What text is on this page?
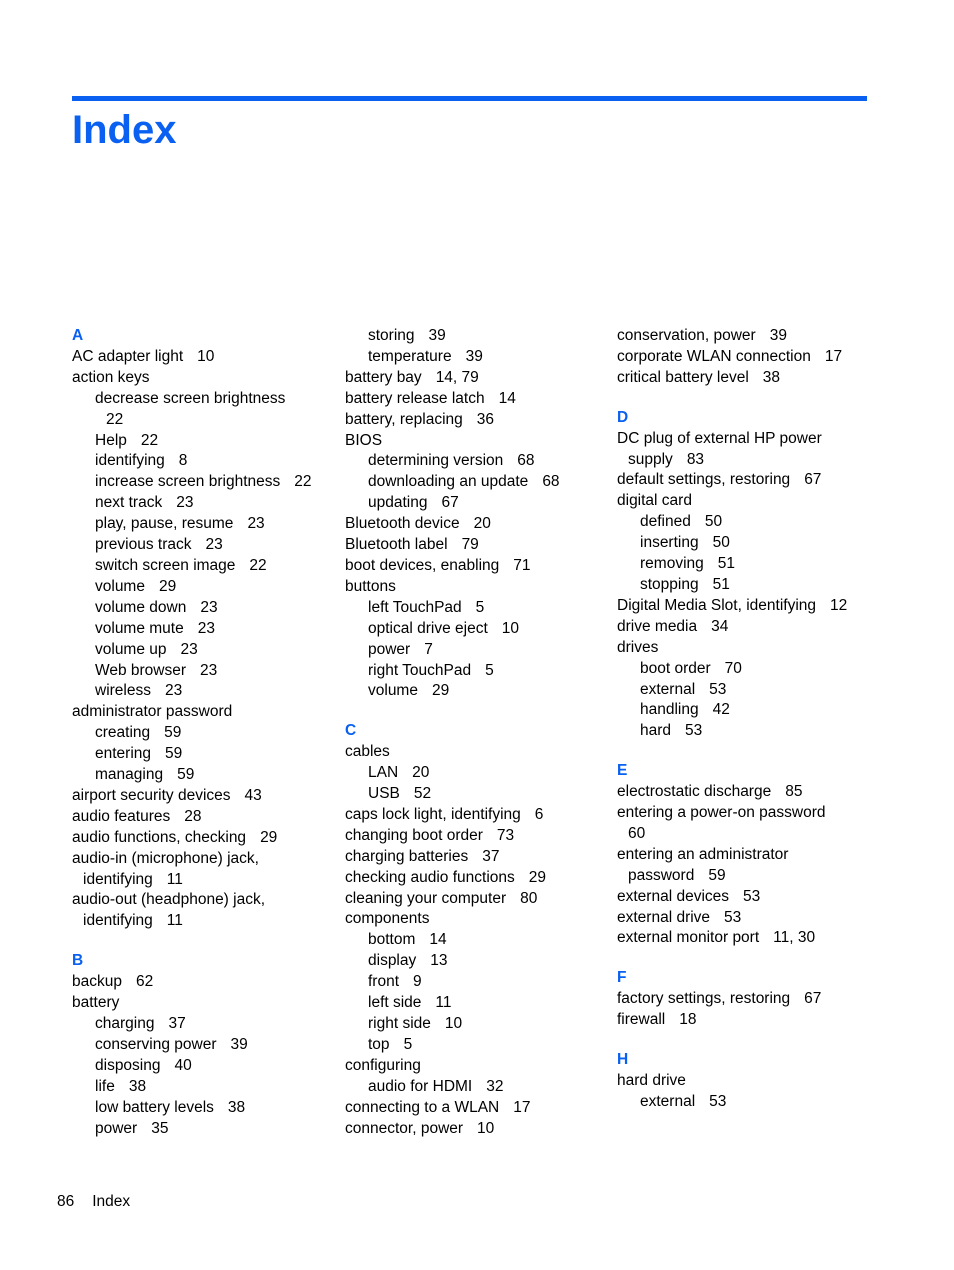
Index
A
AC adapter light 10
action keys
decrease screen brightness
22
Help 22
identifying 8
increase screen brightness 22
next track 23
play, pause, resume 23
previous track 23
switch screen image 22
volume 29
volume down 23
volume mute 23
volume up 23
Web browser 23
wireless 23
administrator password
creating 59
entering 59
managing 59
airport security devices 43
audio features 28
audio functions, checking 29
audio-in (microphone) jack,
identifying 11
audio-out (headphone) jack,
identifying 11
B
backup 62
battery
charging 37
conserving power 39
disposing 40
life 38
low battery levels 38
power 35
storing 39
temperature 39
battery bay 14, 79
battery release latch 14
battery, replacing 36
BIOS
determining version 68
downloading an update 68
updating 67
Bluetooth device 20
Bluetooth label 79
boot devices, enabling 71
buttons
left TouchPad 5
optical drive eject 10
power 7
right TouchPad 5
volume 29
C
cables
LAN 20
USB 52
caps lock light, identifying 6
changing boot order 73
charging batteries 37
checking audio functions 29
cleaning your computer 80
components
bottom 14
display 13
front 9
left side 11
right side 10
top 5
configuring
audio for HDMI 32
connecting to a WLAN 17
connector, power 10
conservation, power 39
corporate WLAN connection 17
critical battery level 38
D
DC plug of external HP power
supply 83
default settings, restoring 67
digital card
defined 50
inserting 50
removing 51
stopping 51
Digital Media Slot, identifying 12
drive media 34
drives
boot order 70
external 53
handling 42
hard 53
E
electrostatic discharge 85
entering a power-on password
60
entering an administrator
password 59
external devices 53
external drive 53
external monitor port 11, 30
F
factory settings, restoring 67
firewall 18
H
hard drive
external 53
86 Index
